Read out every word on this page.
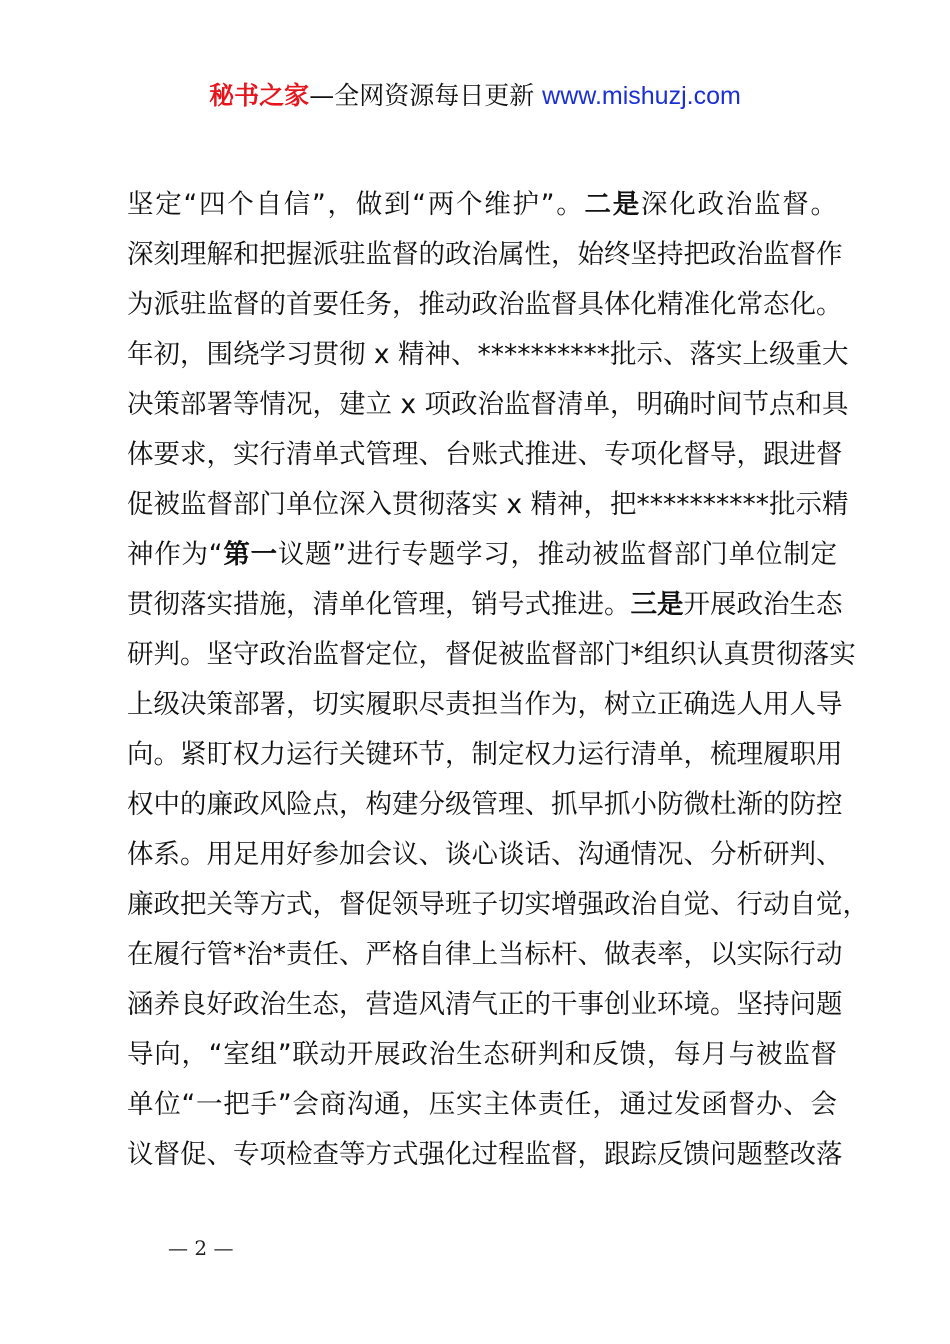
秘书之家—全网资源每日更新 www.mishuzj.com
坚定“四个自信”，做到“两个维护”。二是深化政治监督。
深刻理解和把握派驻监督的政治属性，始终坚持把政治监督作
为派驻监督的首要任务，推动政治监督具体化精准化常态化。
年初，围绕学习贯彻 x 精神、**********批示、落实上级重大
决策部署等情况，建立 x 项政治监督清单，明确时间节点和具
体要求，实行清单式管理、台账式推进、专项化督导，跟进督
促被监督部门单位深入贯彻落实 x 精神，把**********批示精
神作为“第一议题”进行专题学习，推动被监督部门单位制定
贯彻落实措施，清单化管理，销号式推进。三是开展政治生态
研判。坚守政治监督定位，督促被监督部门*组织认真贯彻落实
上级决策部署，切实履职尽责担当作为，树立正确选人用人导
向。紧盯权力运行关键环节，制定权力运行清单，梳理履职用
权中的廉政风险点，构建分级管理、抓早抓小防微杜渐的防控
体系。用足用好参加会议、谈心谈话、沟通情况、分析研判、
廉政把关等方式，督促领导班子切实增强政治自觉、行动自觉，
在履行管*治*责任、严格自律上当标杆、做表率，以实际行动
涵养良好政治生态，营造风清气正的干事创业环境。坚持问题
导向，“室组”联动开展政治生态研判和反馈，每月与被监督
单位“一把手”会商沟通，压实主体责任，通过发函督办、会
议督促、专项检查等方式强化过程监督，跟踪反馈问题整改落
— 2 —
